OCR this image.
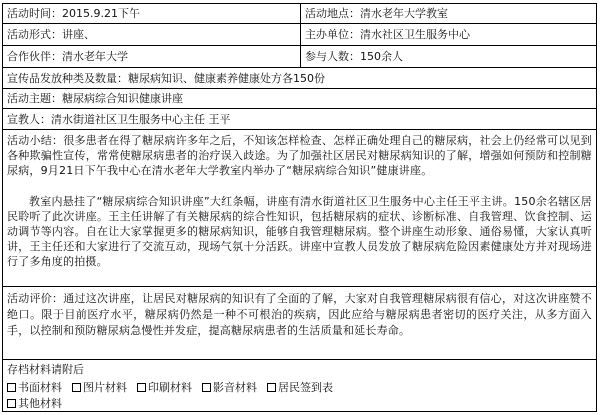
活动时间：2015.9.21下午	活动地点：清水老年大学教室
活动形式：讲座、	主办单位：清水社区卫生服务中心
合作伙伴：清水老年大学	参与人数：150余人
宣传品发放种类及数量：糖尿病知识、健康素养健康处方各150份
活动主题：糖尿病综合知识健康讲座
宣教人：清水街道社区卫生服务中心主任 王平
活动小结：很多患者在得了糖尿病许多年之后，不知该怎样检查、怎样正确处理自己的糖尿病，社会上仍经常可以见到各种欺骗性宣传，常常使糖尿病患者的治疗误入歧途。为了加强社区居民对糖尿病知识的了解，增强如何预防和控制糖尿病，9月21日下午我中心在清水老年大学教室内举办了“糖尿病综合知识”健康讲座。
教室内悬挂了“糖尿病综合知识讲座”大红条幅，讲座有清水街道社区卫生服务中心主任王平主讲。150余名辖区居民聆听了此次讲座。王主任讲解了有关糖尿病的综合性知识，包括糖尿病的症状、诊断标准、自我管理、饮食控制、运动调节等内容。自在让大家掌握更多的糖尿病知识，能够自我管理糖尿病。整个讲座生动形象、通俗易懂，大家认真听讲，王主任还和大家进行了交流互动，现场气氛十分活跃。讲座中宣教人员发放了糖尿病危险因素健康处方并对现场进行了多角度的拍摄。
活动评价：通过这次讲座，让居民对糖尿病的知识有了全面的了解，大家对自我管理糖尿病很有信心，对这次讲座赞不绝口。限于目前医疗水平，糖尿病仍然是一种不可根治的疾病，因此应给与糖尿病患者密切的医疗关注，从多方面入手，以控制和预防糖尿病急慢性并发症，提高糖尿病患者的生活质量和延长寿命。
存档材料请附后
书面材料 图片材料 印刷材料 影音材料 居民签到表
其他材料
